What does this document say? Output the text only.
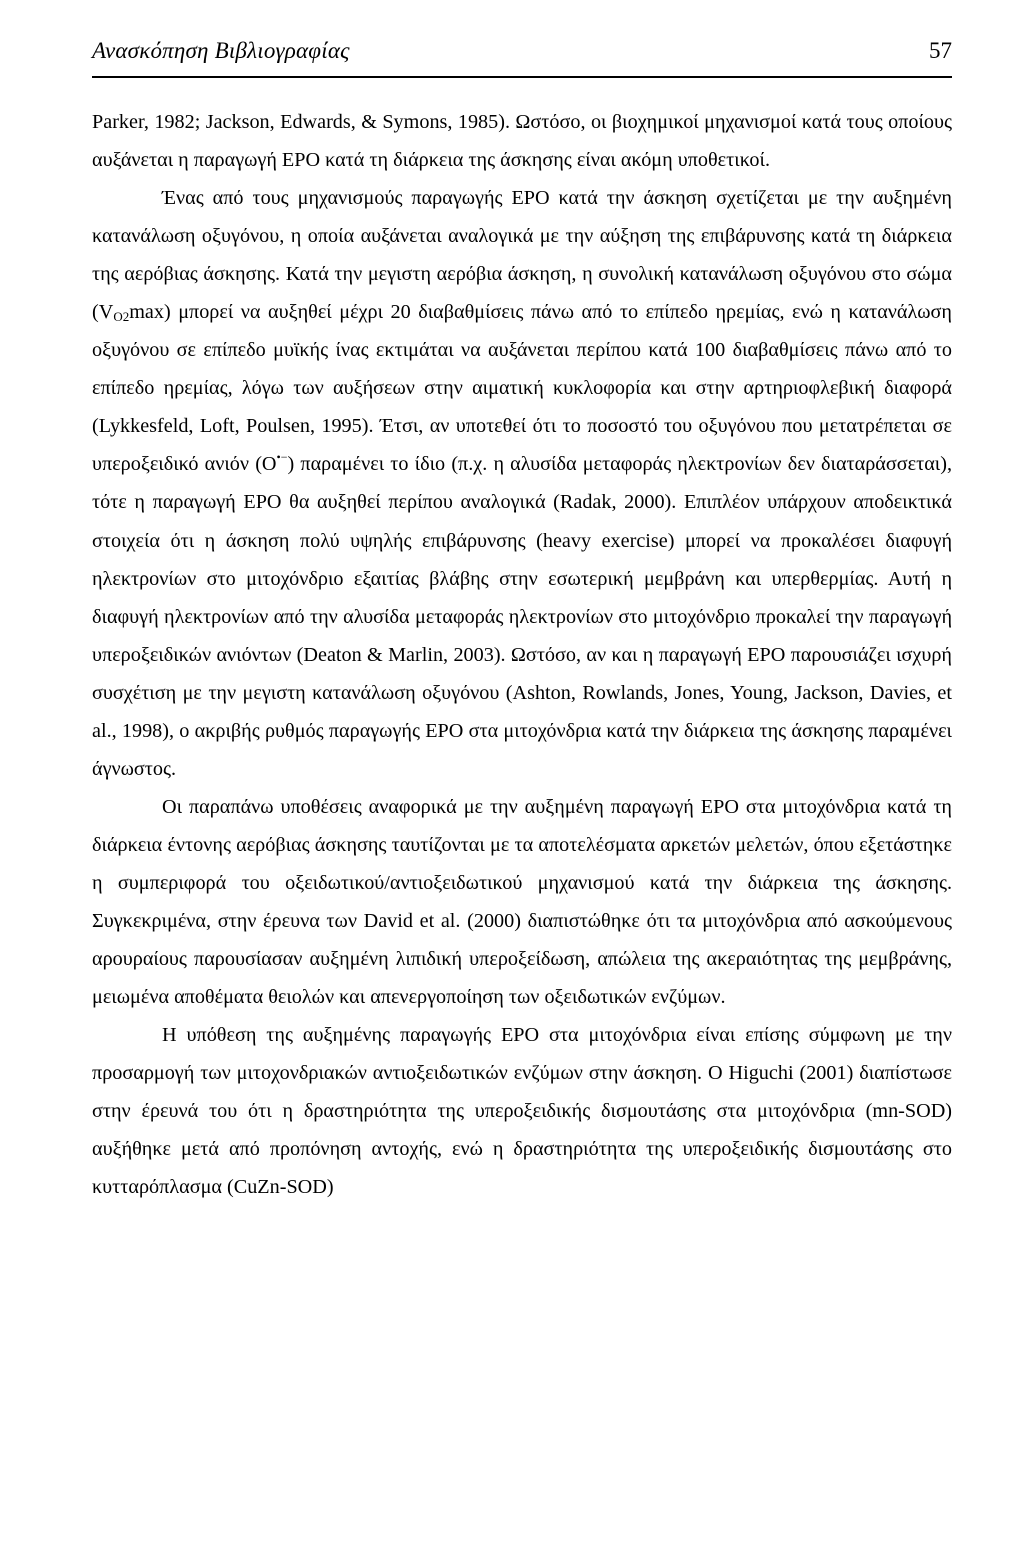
Ανασκόπηση Βιβλιογραφίας	57

Parker, 1982; Jackson, Edwards, & Symons, 1985). Ωστόσο, οι βιοχημικοί μηχανισμοί κατά τους οποίους αυξάνεται η παραγωγή ΕΡΟ κατά τη διάρκεια της άσκησης είναι ακόμη υποθετικοί.

Ένας από τους μηχανισμούς παραγωγής ΕΡΟ κατά την άσκηση σχετίζεται με την αυξημένη κατανάλωση οξυγόνου, η οποία αυξάνεται αναλογικά με την αύξηση της επιβάρυνσης κατά τη διάρκεια της αερόβιας άσκησης. Κατά την μεγιστη αερόβια άσκηση, η συνολική κατανάλωση οξυγόνου στο σώμα $(V_{O2}\max)$ μπορεί να αυξηθεί μέχρι 20 διαβαθμίσεις πάνω από το επίπεδο ηρεμίας, ενώ η κατανάλωση οξυγόνου σε επίπεδο μυϊκής ίνας εκτιμάται να αυξάνεται περίπου κατά 100 διαβαθμίσεις πάνω από το επίπεδο ηρεμίας, λόγω των αυξήσεων στην αιματική κυκλοφορία και στην αρτηριοφλεβική διαφορά (Lykkesfeld, Loft, Poulsen, 1995). Έτσι, αν υποτεθεί ότι το ποσοστό του οξυγόνου που μετατρέπεται σε υπεροξειδικό ανιόν (O•−) παραμένει το ίδιο (π.χ. η αλυσίδα μεταφοράς ηλεκτρονίων δεν διαταράσσεται), τότε η παραγωγή ΕΡΟ θα αυξηθεί περίπου αναλογικά (Radak, 2000). Επιπλέον υπάρχουν αποδεικτικά στοιχεία ότι η άσκηση πολύ υψηλής επιβάρυνσης (heavy exercise) μπορεί να προκαλέσει διαφυγή ηλεκτρονίων στο μιτοχόνδριο εξαιτίας βλάβης στην εσωτερική μεμβράνη και υπερθερμίας. Αυτή η διαφυγή ηλεκτρονίων από την αλυσίδα μεταφοράς ηλεκτρονίων στο μιτοχόνδριο προκαλεί την παραγωγή υπεροξειδικών ανιόντων (Deaton & Marlin, 2003). Ωστόσο, αν και η παραγωγή ΕΡΟ παρουσιάζει ισχυρή συσχέτιση με την μεγιστη κατανάλωση οξυγόνου (Ashton, Rowlands, Jones, Young, Jackson, Davies, et al., 1998), ο ακριβής ρυθμός παραγωγής ΕΡΟ στα μιτοχόνδρια κατά την διάρκεια της άσκησης παραμένει άγνωστος.

Οι παραπάνω υποθέσεις αναφορικά με την αυξημένη παραγωγή ΕΡΟ στα μιτοχόνδρια κατά τη διάρκεια έντονης αερόβιας άσκησης ταυτίζονται με τα αποτελέσματα αρκετών μελετών, όπου εξετάστηκε η συμπεριφορά του οξειδωτικού/αντιοξειδωτικού μηχανισμού κατά την διάρκεια της άσκησης. Συγκεκριμένα, στην έρευνα των David et al. (2000) διαπιστώθηκε ότι τα μιτοχόνδρια από ασκούμενους αρουραίους παρουσίασαν αυξημένη λιπιδική υπεροξείδωση, απώλεια της ακεραιότητας της μεμβράνης, μειωμένα αποθέματα θειολών και απενεργοποίηση των οξειδωτικών ενζύμων.

Η υπόθεση της αυξημένης παραγωγής ΕΡΟ στα μιτοχόνδρια είναι επίσης σύμφωνη με την προσαρμογή των μιτοχονδριακών αντιοξειδωτικών ενζύμων στην άσκηση. Ο Higuchi (2001) διαπίστωσε στην έρευνά του ότι η δραστηριότητα της υπεροξειδικής δισμουτάσης στα μιτοχόνδρια (mn-SOD) αυξήθηκε μετά από προπόνηση αντοχής, ενώ η δραστηριότητα της υπεροξειδικής δισμουτάσης στο κυτταρόπλασμα (CuZn-SOD)
